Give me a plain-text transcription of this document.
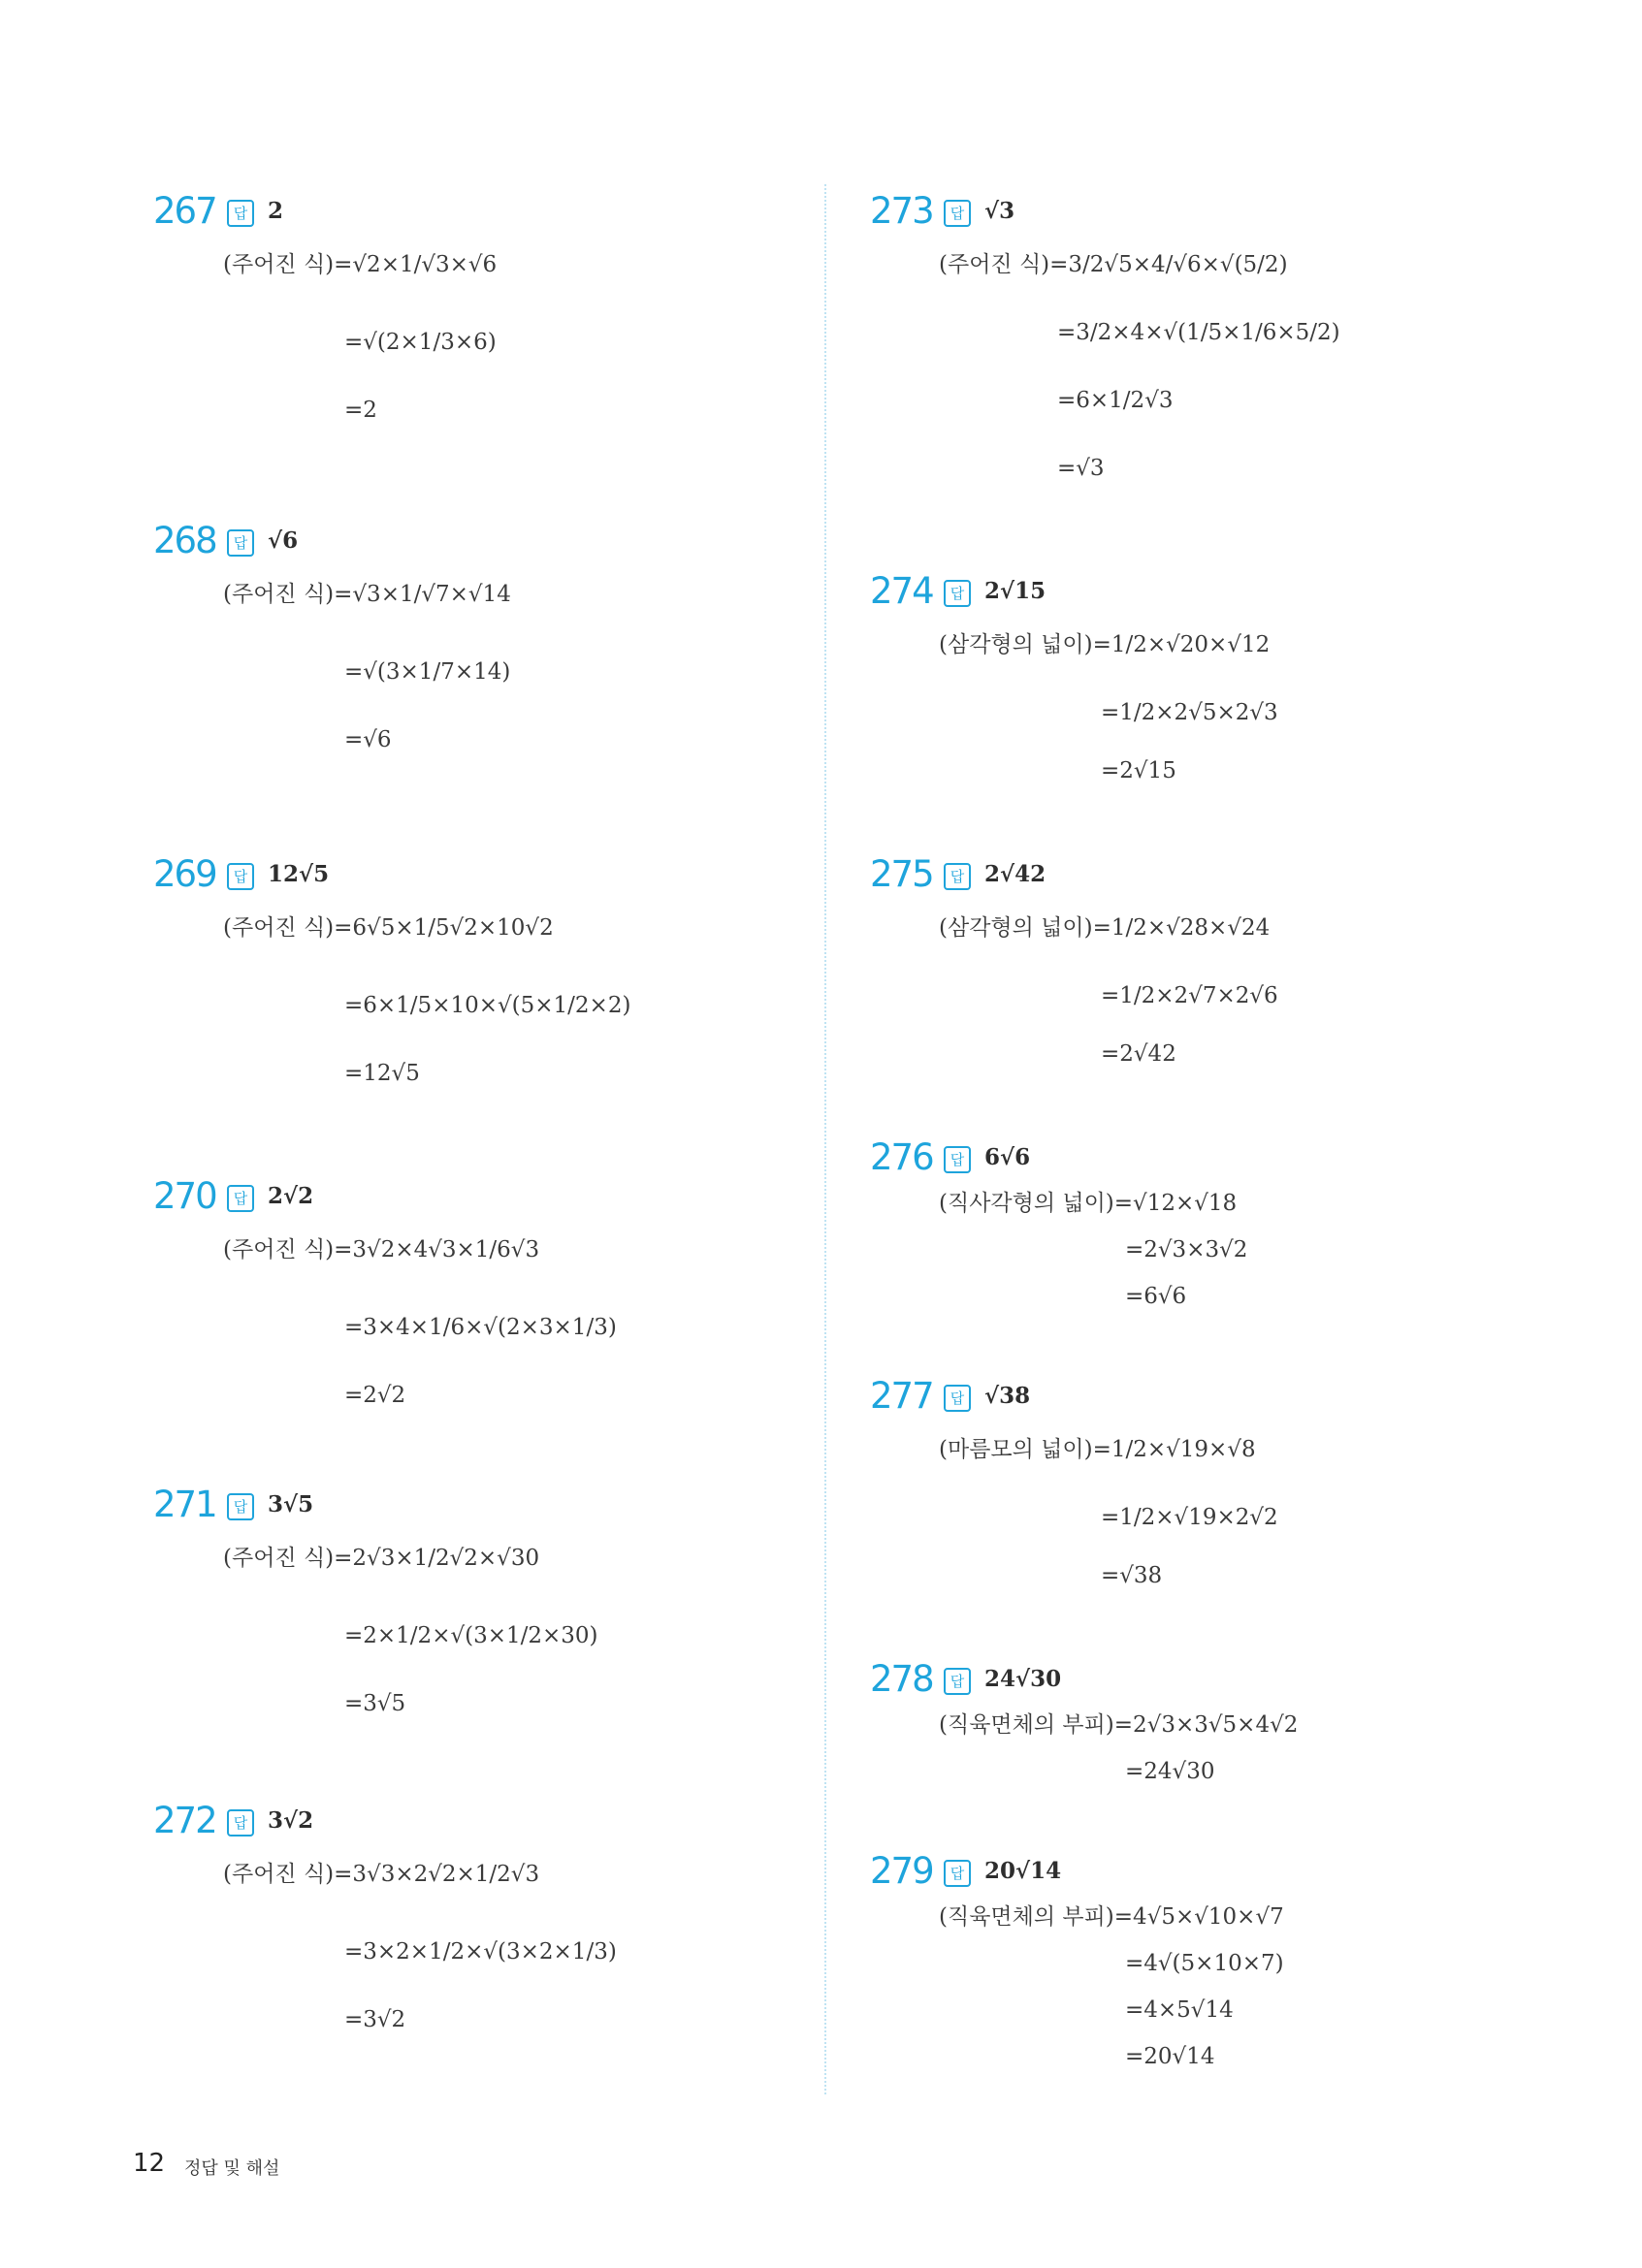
267	답 2
(주어진 식)=√2×1/√3×√6
=√(2×1/3×6)
=2
268	답 √6
(주어진 식)=√3×1/√7×√14
=√(3×1/7×14)
=√6
269	답 12√5
(주어진 식)=6√5×1/5√2×10√2
=6×1/5×10×√(5×1/2×2)
=12√5
270	답 2√2
(주어진 식)=3√2×4√3×1/6√3
=3×4×1/6×√(2×3×1/3)
=2√2
271	답 3√5
(주어진 식)=2√3×1/2√2×√30
=2×1/2×√(3×1/2×30)
=3√5
272	답 3√2
(주어진 식)=3√3×2√2×1/2√3
=3×2×1/2×√(3×2×1/3)
=3√2
273	답 √3
(주어진 식)=3/2√5×4/√6×√(5/2)
=3/2×4×√(1/5×1/6×5/2)
=6×1/2√3
=√3
274	답 2√15
(삼각형의 넓이)=1/2×√20×√12
=1/2×2√5×2√3
=2√15
275	답 2√42
(삼각형의 넓이)=1/2×√28×√24
=1/2×2√7×2√6
=2√42
276	답 6√6
(직사각형의 넓이)=√12×√18
=2√3×3√2
=6√6
277	답 √38
(마름모의 넓이)=1/2×√19×√8
=1/2×√19×2√2
=√38
278	답 24√30
(직육면체의 부피)=2√3×3√5×4√2
=24√30
279	답 20√14
(직육면체의 부피)=4√5×√10×√7
=4√(5×10×7)
=4×5√14
=20√14
12 정답 및 해설
